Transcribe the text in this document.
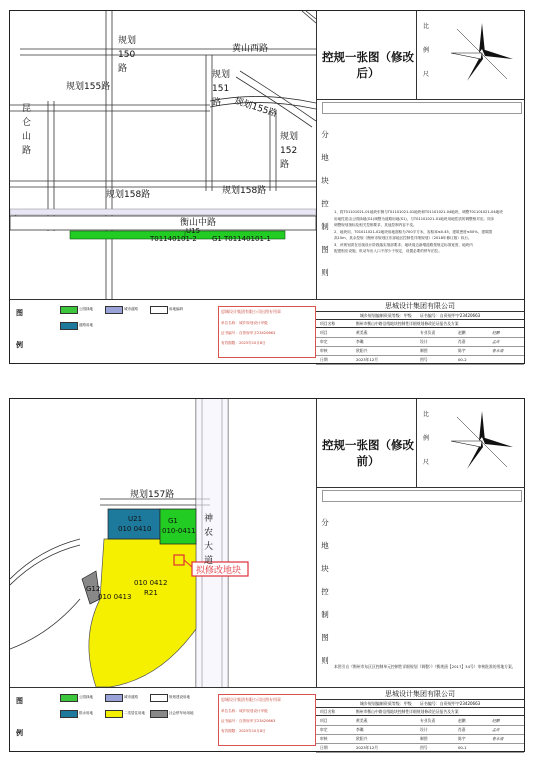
黄山西路
规划
150
路
规划155路
规划
151
路 规划155路
昆
仑
山
路
规划
152
路
规划158路	规划158路
衡山中路
U15
T01140101-2 G1 T01140101-1
控规一张图（修改后）
比
例
尺
分
地
块
控
制
图
则
1、将T01101021-01地块东侧与T01101021-01地块和T01101021-04地块，调整T01101021-04地块
用地性质由公园绿地(G1)调整为道路用地(S1)，与T01101021-01地块用地性质的调整相对应。同步
调整规划指标及相关控制要求，其他控制内容不变。
2、地块用，T01011021-02地块用地面积为700平方米，容积率≤0.45，建筑密度≤50%，建筑限
高15m，其余控规《衡州市规划区东部地区控制性详细规划》（2018年修订版）执行。
3、该规划须在后续设计阶段落实细部要求；地块周边新增道路按规定标准宽度、地块内
配建相应设施，机动车出入口不得少于规定，设置必要的停车泊位。
图
例
公园绿地	城市道路	用地编码
道路用地
思城设计集团有限公司出图专用章
单位名称：城乡规划设计甲级
证书编号：自资规甲字23420663
有效期限：2025年10月8日
思城设计集团有限公司
城乡规划编制资质等级：甲级　　证书编号：自资规甲字23420663
项目名称	衡州市衡山中路沿线地块控制性详细规划修改论证报告及方案
项目	黄美燕	专业负责	赵鹏	赵鹏
审定	李璐	设计	肖嘉	孟奇
审核	欧阳兴	制图	陈宇	春永清
日期	2023年12月	图号	00-2
拟修改地块
规划157路
神
农
大
道
U21
010 0410
G1
010-0411
010 0412
R21
G12
010 0413
控规一张图（修改前）
比
例
尺
分
地
块
控
制
图
则
本图引自《衡州市东区区控制单元控制性详细规划（调整）》（衡规函【2017】34号）审核批准的用地方案。
图
例
公园绿地	城市道路	规划建设用地
排水用地	二类居住用地	社会停车场用地
思城设计集团有限公司出图专用章
单位名称：城乡规划设计甲级
证书编号：自资规甲字23420663
有效期限：2025年10月8日
思城设计集团有限公司
城乡规划编制资质等级：甲级　　证书编号：自资规甲字23420663
项目名称	衡州市衡山中路沿线地块控制性详细规划修改论证报告及方案
项目	黄美燕	专业负责	赵鹏	赵鹏
审定	李璐	设计	肖嘉	孟奇
审核	欧阳兴	制图	陈宇	春永清
日期	2023年12月	图号	00-1
